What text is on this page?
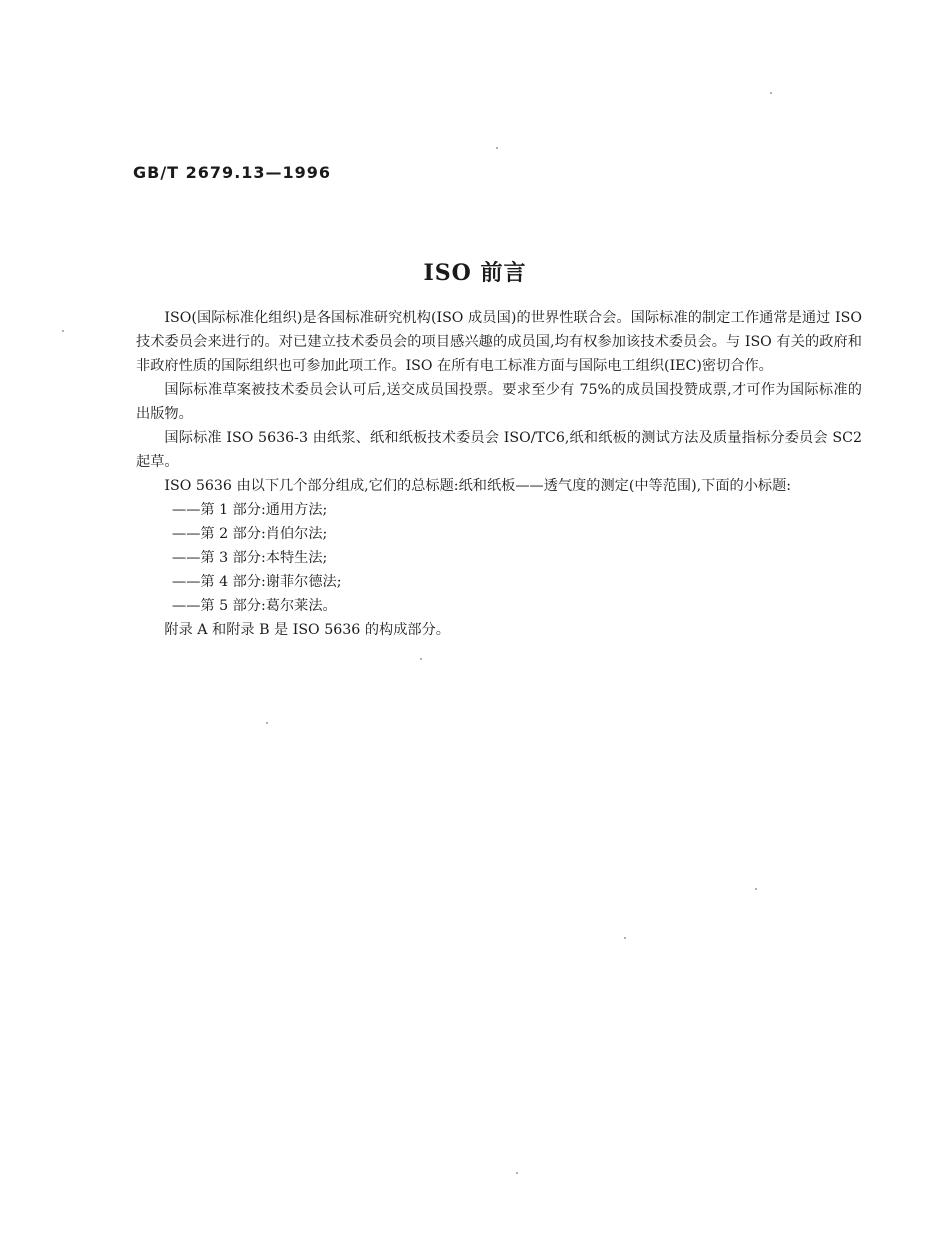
GB/T 2679.13—1996
ISO 前言

ISO(国际标准化组织)是各国标准研究机构(ISO 成员国)的世界性联合会。国际标准的制定工作通常是通过 ISO 技术委员会来进行的。对已建立技术委员会的项目感兴趣的成员国,均有权参加该技术委员会。与 ISO 有关的政府和非政府性质的国际组织也可参加此项工作。ISO 在所有电工标准方面与国际电工组织(IEC)密切合作。

国际标准草案被技术委员会认可后,送交成员国投票。要求至少有 75%的成员国投赞成票,才可作为国际标准的出版物。

国际标准 ISO 5636-3 由纸浆、纸和纸板技术委员会 ISO/TC6,纸和纸板的测试方法及质量指标分委员会 SC2 起草。

ISO 5636 由以下几个部分组成,它们的总标题:纸和纸板——透气度的测定(中等范围),下面的小标题:

——第 1 部分:通用方法;
——第 2 部分:肖伯尔法;
——第 3 部分:本特生法;
——第 4 部分:谢菲尔德法;
——第 5 部分:葛尔莱法。

附录 A 和附录 B 是 ISO 5636 的构成部分。
